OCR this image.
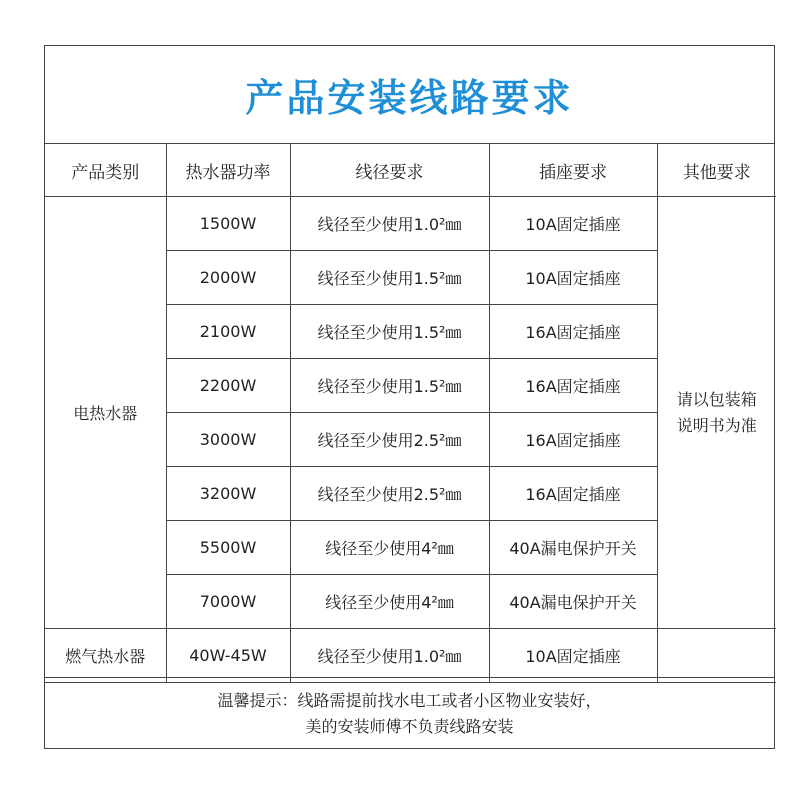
产品安装线路要求
产品类别	热水器功率	线径要求	插座要求	其他要求
电热水器	1500W	线径至少使用1.0²㎜	10A固定插座	请以包装箱
说明书为准

	2000W	线径至少使用1.5²㎜	10A固定插座	
	2100W	线径至少使用1.5²㎜	16A固定插座	
	2200W	线径至少使用1.5²㎜	16A固定插座	
	3000W	线径至少使用2.5²㎜	16A固定插座	
	3200W	线径至少使用2.5²㎜	16A固定插座	
	5500W	线径至少使用4²㎜	40A漏电保护开关	
	7000W	线径至少使用4²㎜	40A漏电保护开关	
燃气热水器	40W-45W	线径至少使用1.0²㎜	10A固定插座	
温馨提示：线路需提前找水电工或者小区物业安装好，
美的安装师傅不负责线路安装
